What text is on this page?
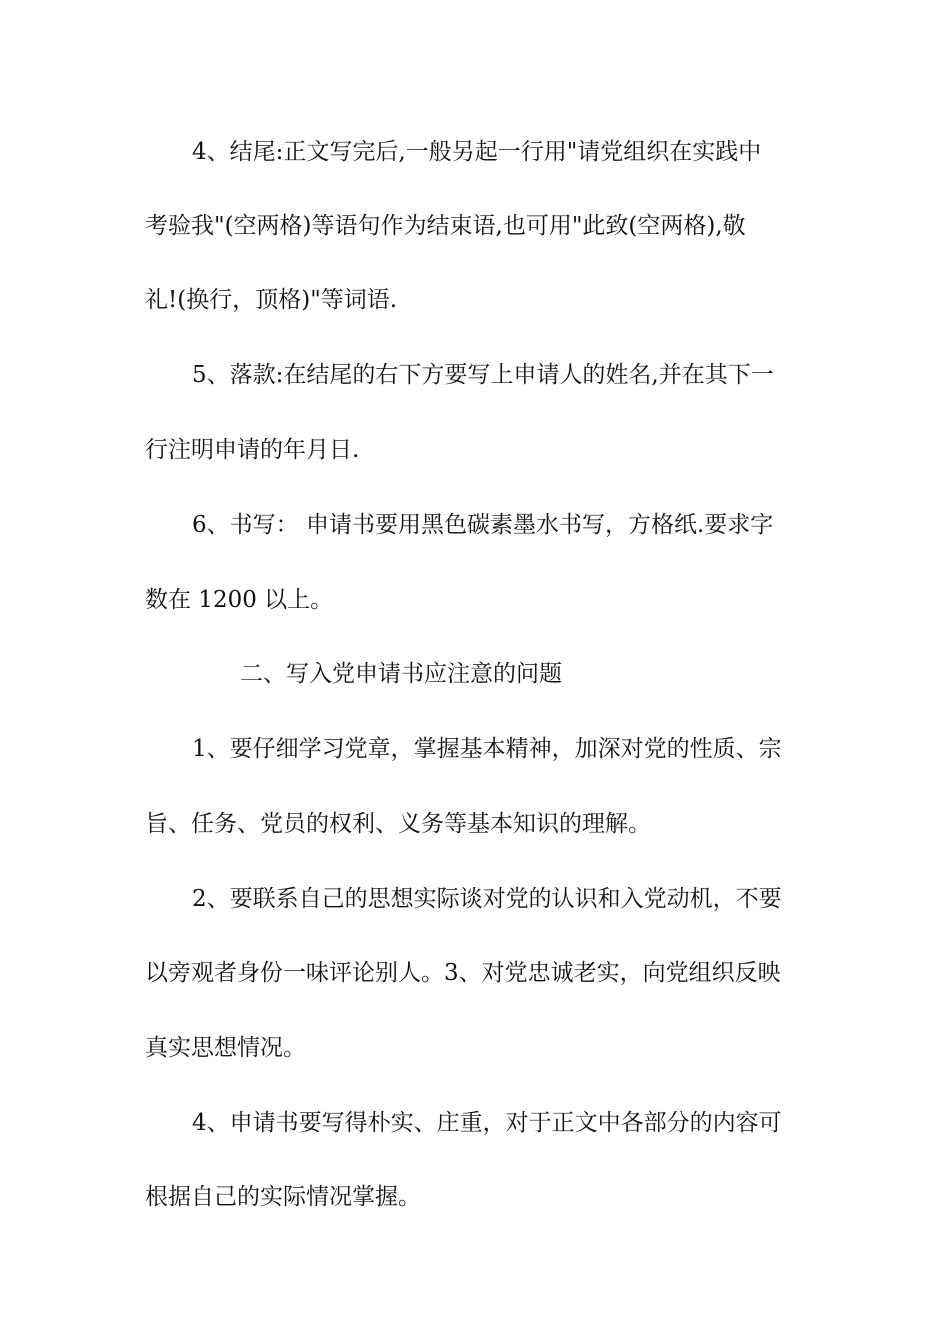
4、结尾:正文写完后,一般另起一行用"请党组织在实践中
考验我"(空两格)等语句作为结束语,也可用"此致(空两格),敬
礼!(换行，顶格)"等词语.
5、落款:在结尾的右下方要写上申请人的姓名,并在其下一
行注明申请的年月日.
6、书写： 申请书要用黑色碳素墨水书写，方格纸.要求字
数在 1200 以上。
二、写入党申请书应注意的问题
1、要仔细学习党章，掌握基本精神，加深对党的性质、宗
旨、任务、党员的权利、义务等基本知识的理解。
2、要联系自己的思想实际谈对党的认识和入党动机，不要
以旁观者身份一味评论别人。3、对党忠诚老实，向党组织反映
真实思想情况。
4、申请书要写得朴实、庄重，对于正文中各部分的内容可
根据自己的实际情况掌握。
